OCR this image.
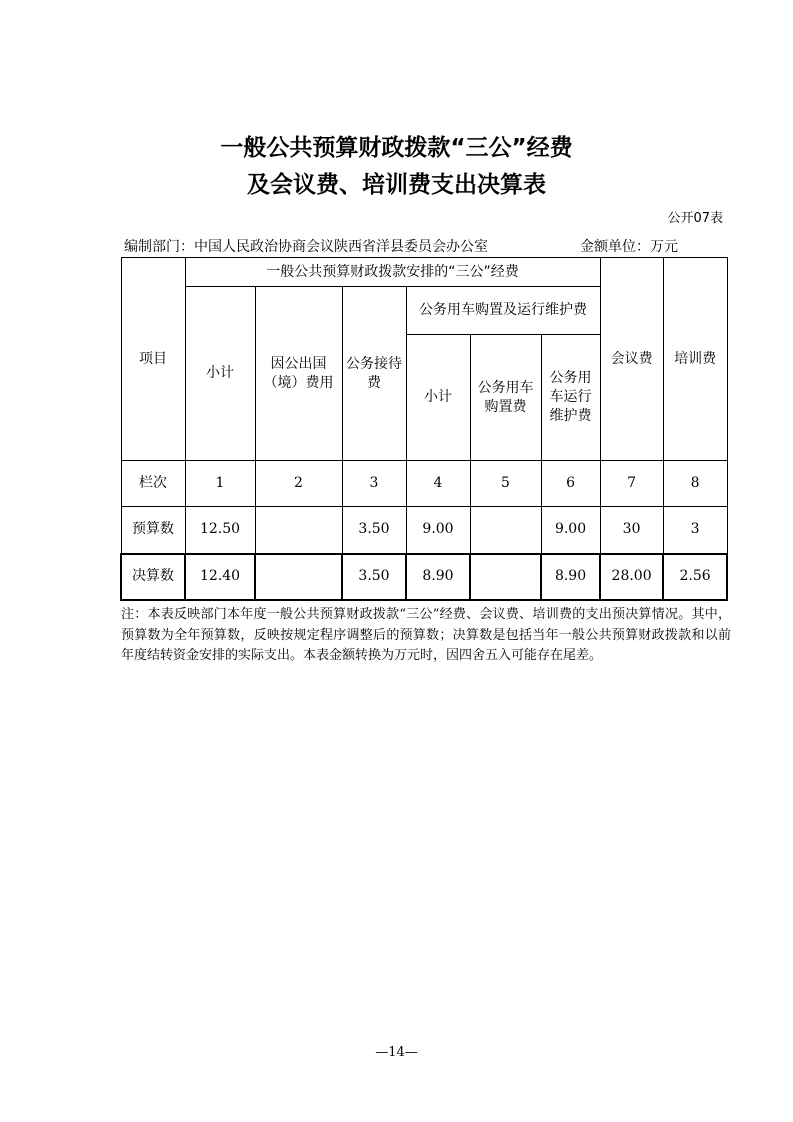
一般公共预算财政拨款“三公”经费
及会议费、培训费支出决算表
公开07表
编制部门：中国人民政治协商会议陕西省洋县委员会办公室	金额单位：万元
项目	一般公共预算财政拨款安排的“三公”经费						会议费	培训费
	小计	因公出国（境）费用	公务接待费	公务用车购置及运行维护费				
				小计	公务用车购置费	公务用车运行维护费		
栏次	1	2	3	4	5	6	7	8
预算数	12.50		3.50	9.00		9.00	30	3
决算数	12.40		3.50	8.90		8.90	28.00	2.56
注：本表反映部门本年度一般公共预算财政拨款“三公”经费、会议费、培训费的支出预决算情况。其中，预算数为全年预算数，反映按规定程序调整后的预算数；决算数是包括当年一般公共预算财政拨款和以前年度结转资金安排的实际支出。本表金额转换为万元时，因四舍五入可能存在尾差。
—14—
